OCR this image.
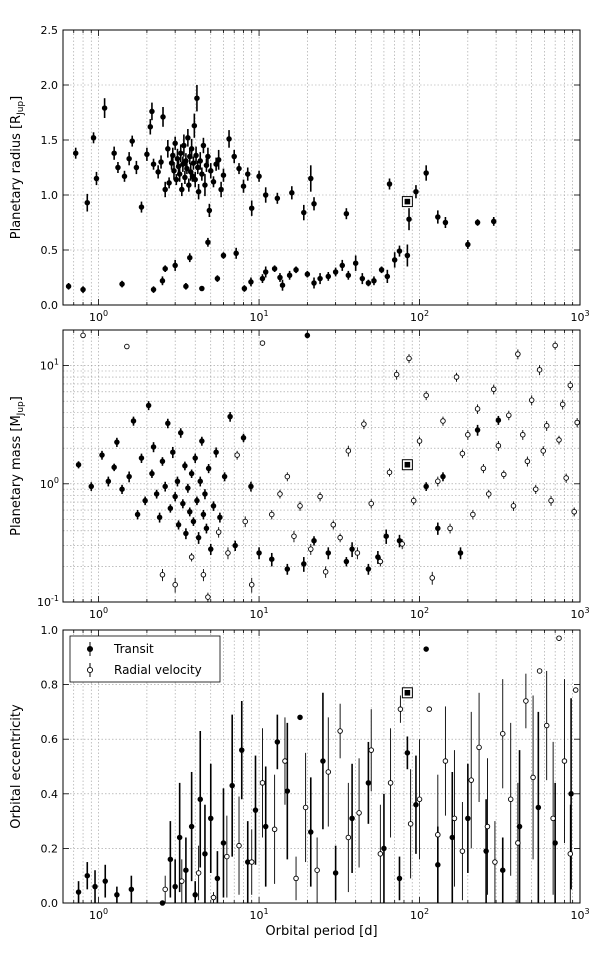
$10^0$	$10^1$	$10^2$	$10^3$
0.0
0.5
1.0
1.5
2.0
2.5
Planetary radius $[R_{Jup}]$
$10^0$	$10^1$	$10^2$	$10^3$
$10^{-1}$
$10^0$
$10^1$
Planetary mass $[M_{Jup}]$
$10^0$	$10^1$	$10^2$	$10^3$
0.0
0.2
0.4
0.6
0.8
1.0
Orbital eccentricity
Orbital period [d]
Transit
Radial velocity
